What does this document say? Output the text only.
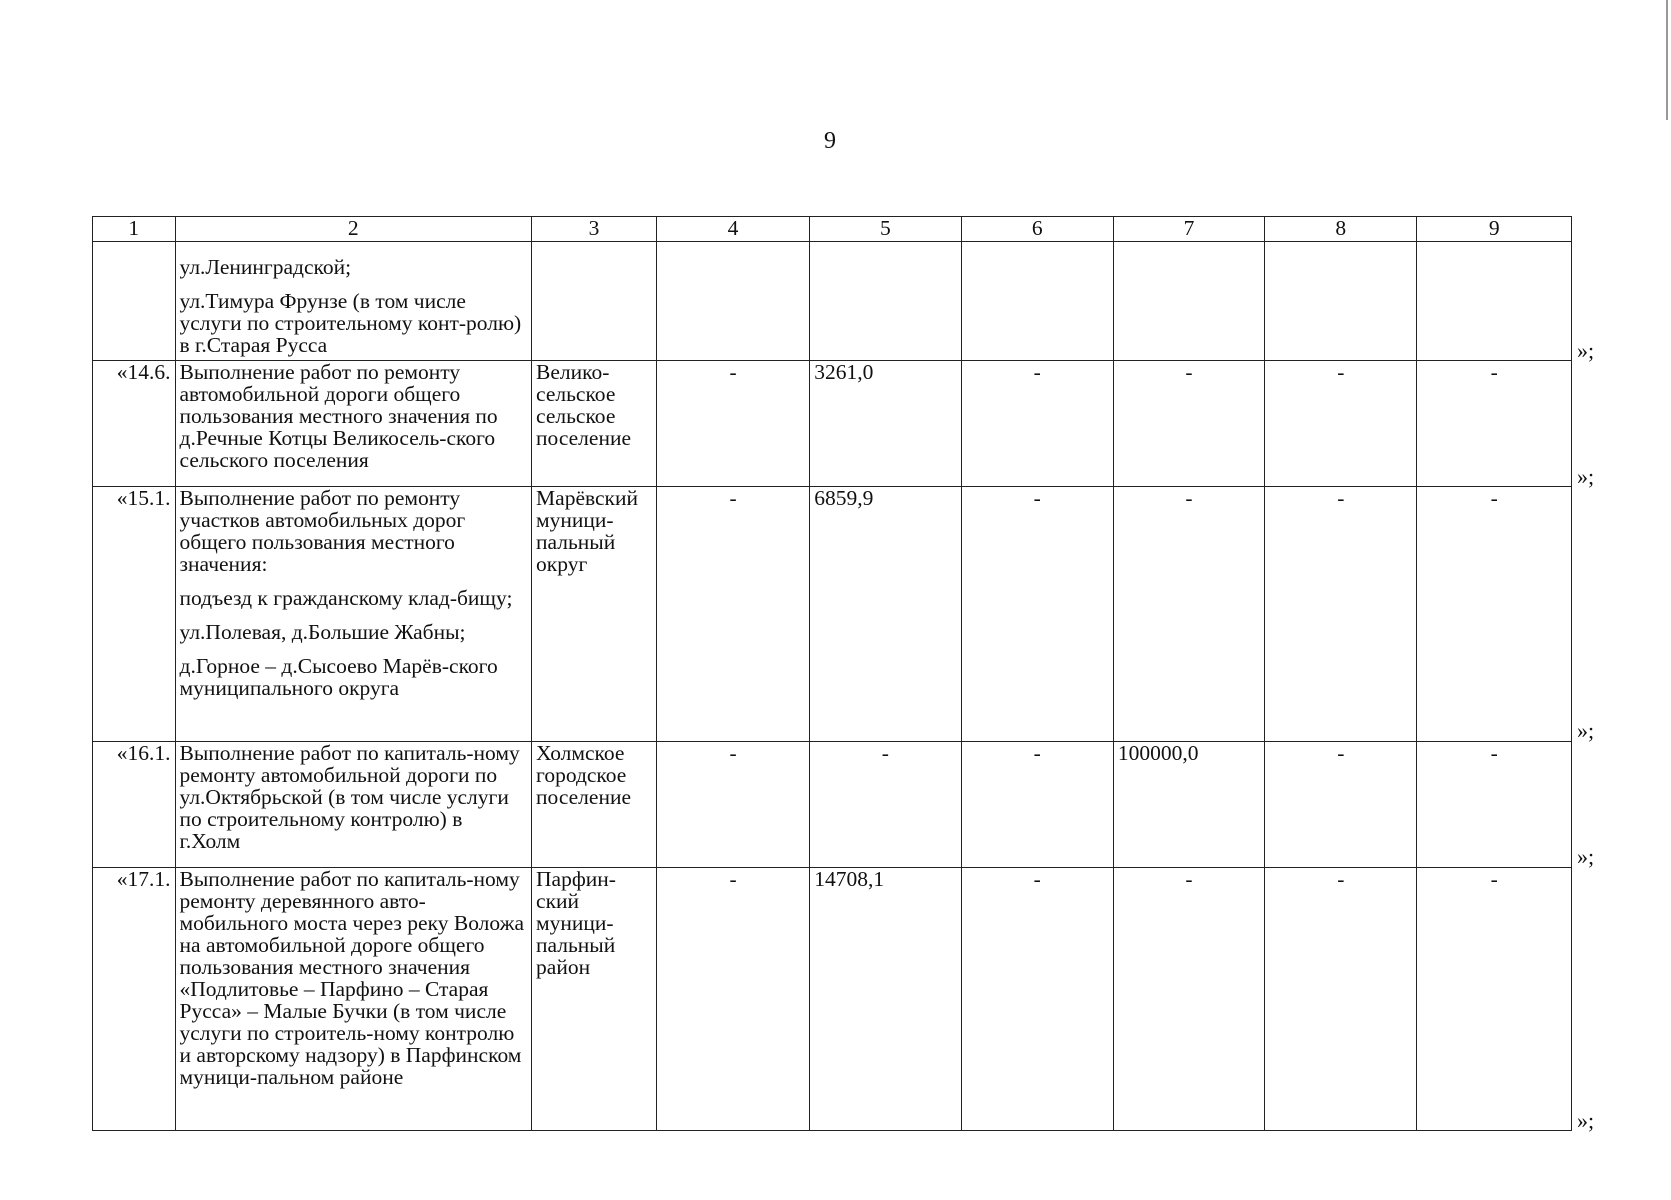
9
1	2	3	4	5	6	7	8	9

	ул.Ленинградской;

ул.Тимура Фрунзе (в том числе услуги по строительному конт-ролю) в г.Старая Русса							

«14.6.	Выполнение работ по ремонту автомобильной дороги общего пользования местного значения по д.Речные Котцы Великосель-ского сельского поселения	Велико-сельское сельское поселение	-	3261,0	-	-	-	-
«15.1.	Выполнение работ по ремонту участков автомобильных дорог общего пользования местного значения:

подъезд к гражданскому клад-бищу;

ул.Полевая, д.Большие Жабны;

д.Горное – д.Сысоево Марёв-ского муниципального округа	Марёвский муници-пальный округ	-	6859,9	-	-	-	-
«16.1.	Выполнение работ по капиталь-ному ремонту автомобильной дороги по ул.Октябрьской (в том числе услуги по строительному контролю) в г.Холм	Холмское городское поселение	-	-	-	100000,0	-	-
«17.1.	Выполнение работ по капиталь-ному ремонту деревянного авто-мобильного моста через реку Воложа на автомобильной дороге общего пользования местного значения «Подлитовье – Парфино – Старая Русса» – Малые Бучки (в том числе услуги по строитель-ному контролю и авторскому надзору) в Парфинском муници-пальном районе	Парфин-ский муници-пальный район	-	14708,1	-	-	-	-
»;
»;
»;
»;
»;
